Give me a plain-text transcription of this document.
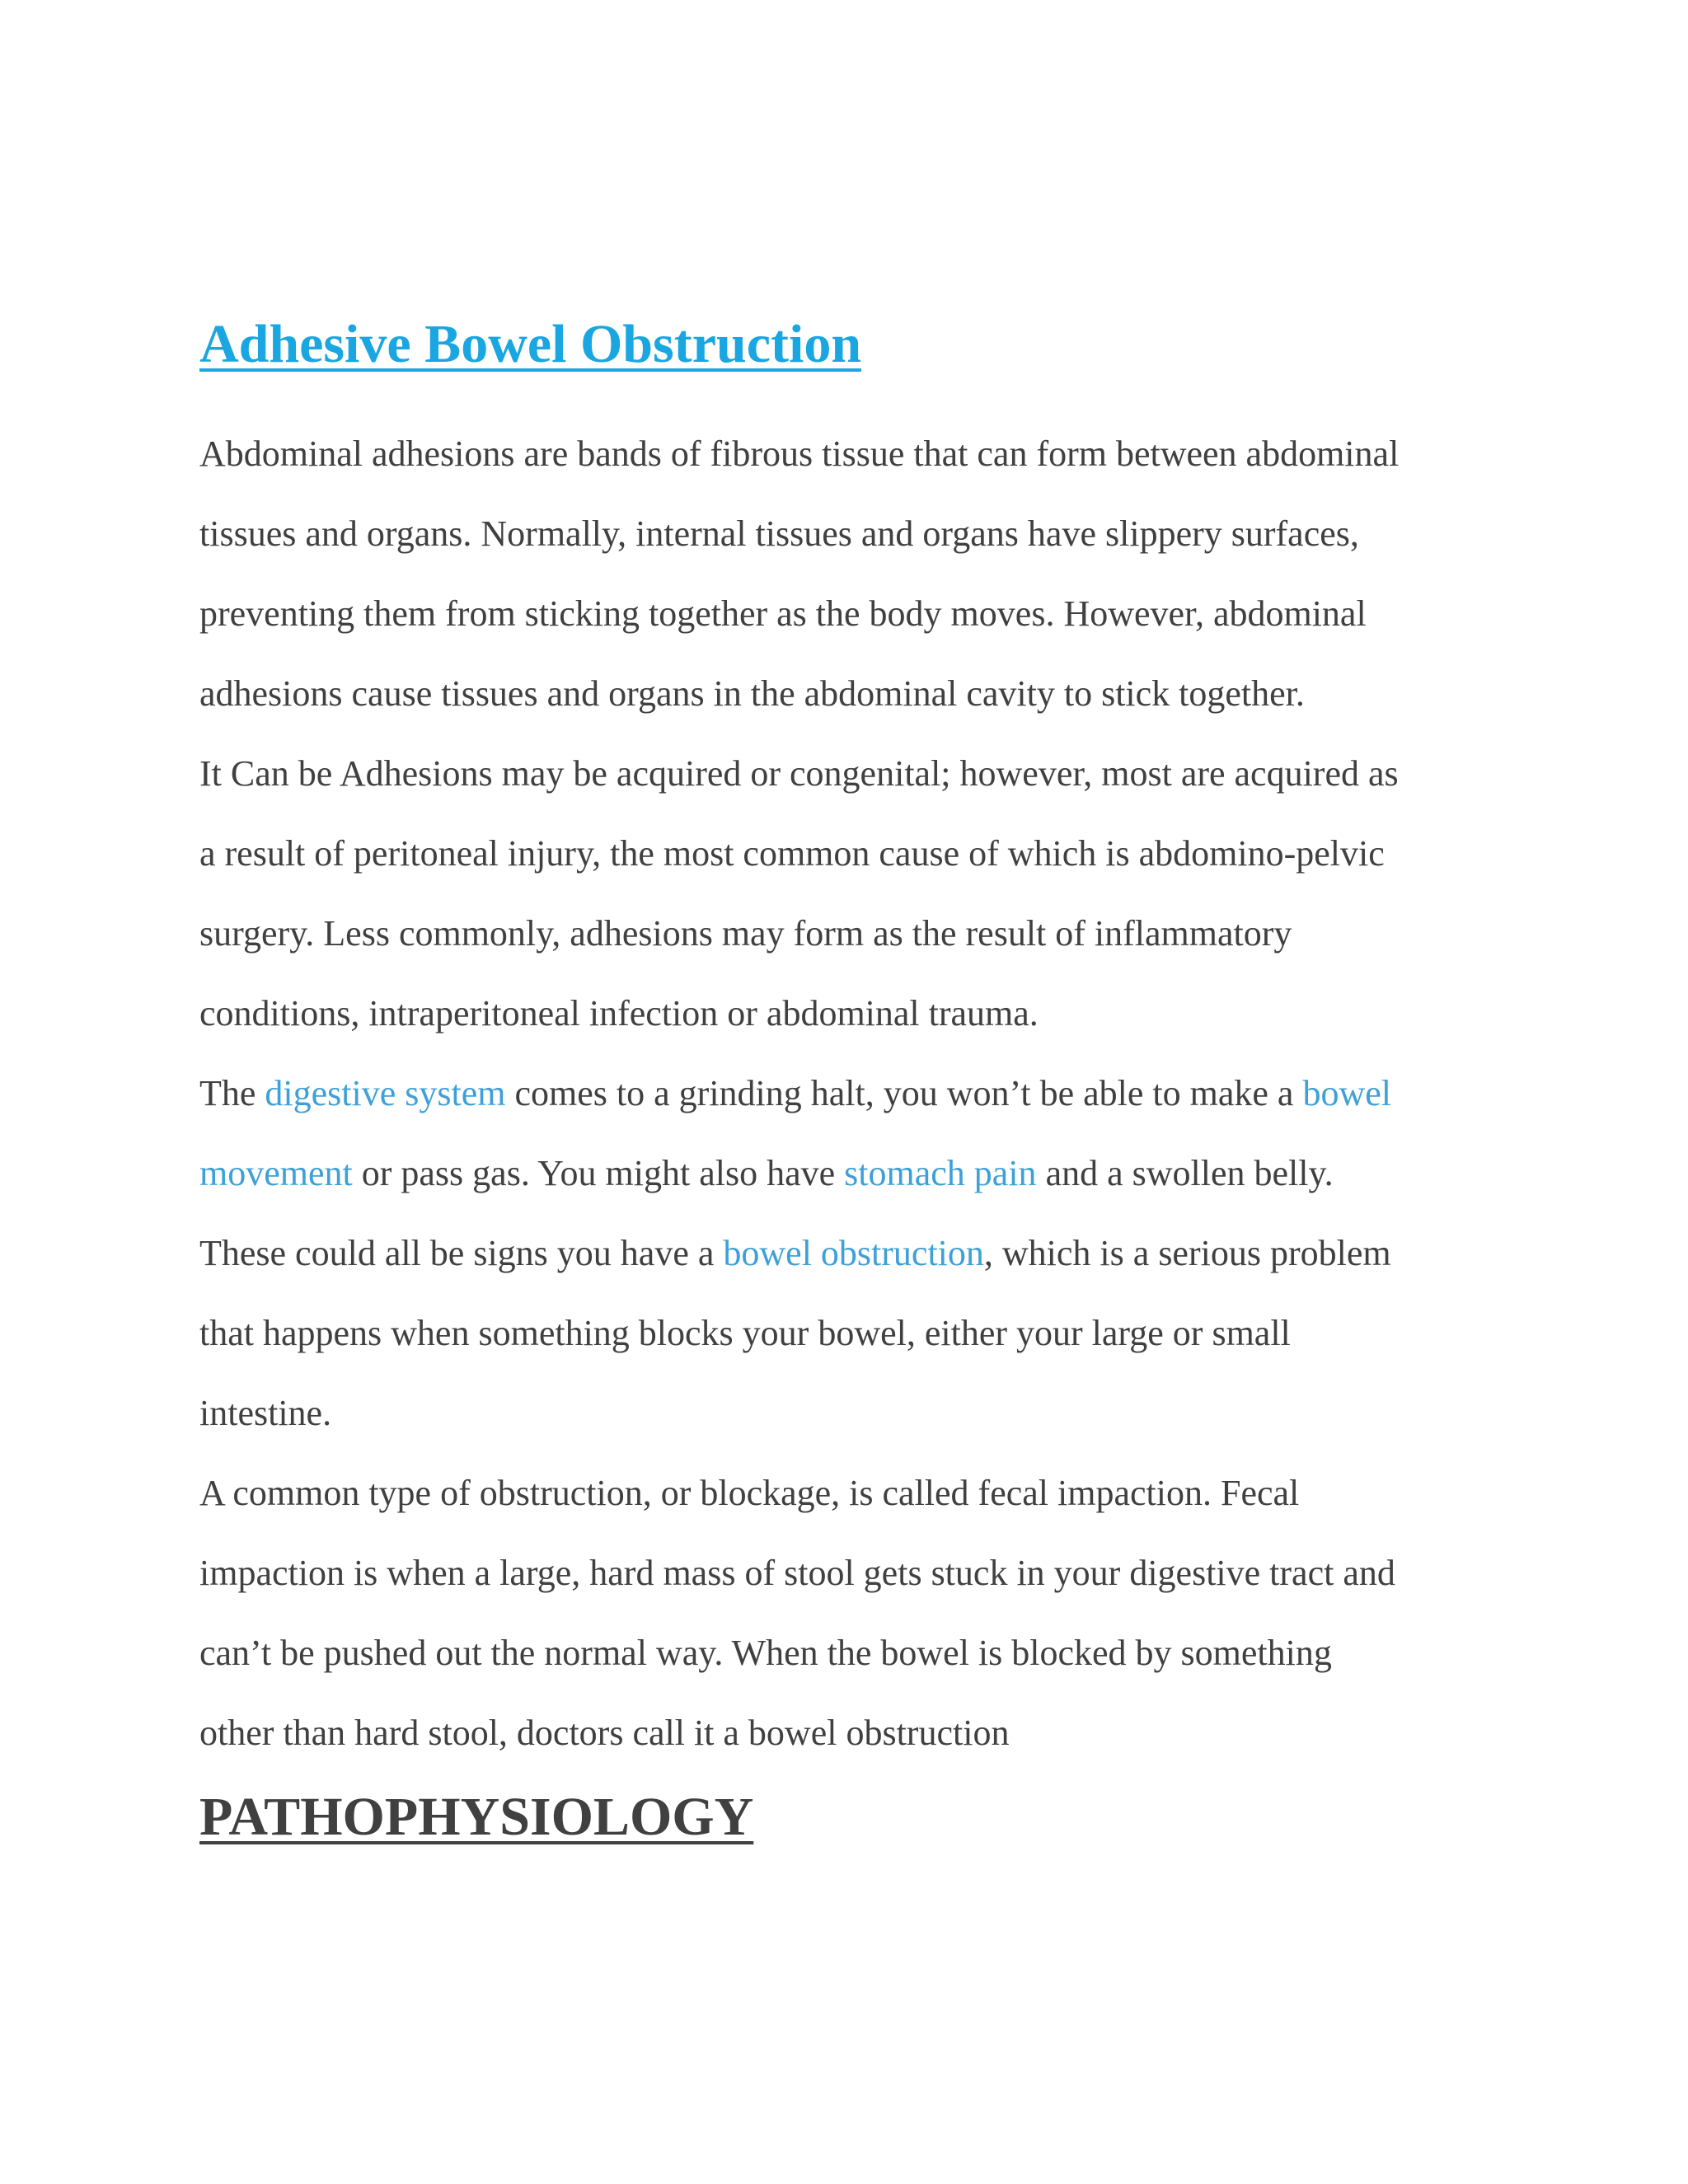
Adhesive Bowel Obstruction

Abdominal adhesions are bands of fibrous tissue that can form between abdominal
tissues and organs. Normally, internal tissues and organs have slippery surfaces,
preventing them from sticking together as the body moves. However, abdominal
adhesions cause tissues and organs in the abdominal cavity to stick together.

It Can be Adhesions may be acquired or congenital; however, most are acquired as
a result of peritoneal injury, the most common cause of which is abdomino-pelvic
surgery. Less commonly, adhesions may form as the result of inflammatory
conditions, intraperitoneal infection or abdominal trauma.

The digestive system comes to a grinding halt, you won’t be able to make a bowel
movement or pass gas. You might also have stomach pain and a swollen belly.
These could all be signs you have a bowel obstruction, which is a serious problem
that happens when something blocks your bowel, either your large or small
intestine.

A common type of obstruction, or blockage, is called fecal impaction. Fecal
impaction is when a large, hard mass of stool gets stuck in your digestive tract and
can’t be pushed out the normal way. When the bowel is blocked by something
other than hard stool, doctors call it a bowel obstruction

PATHOPHYSIOLOGY
